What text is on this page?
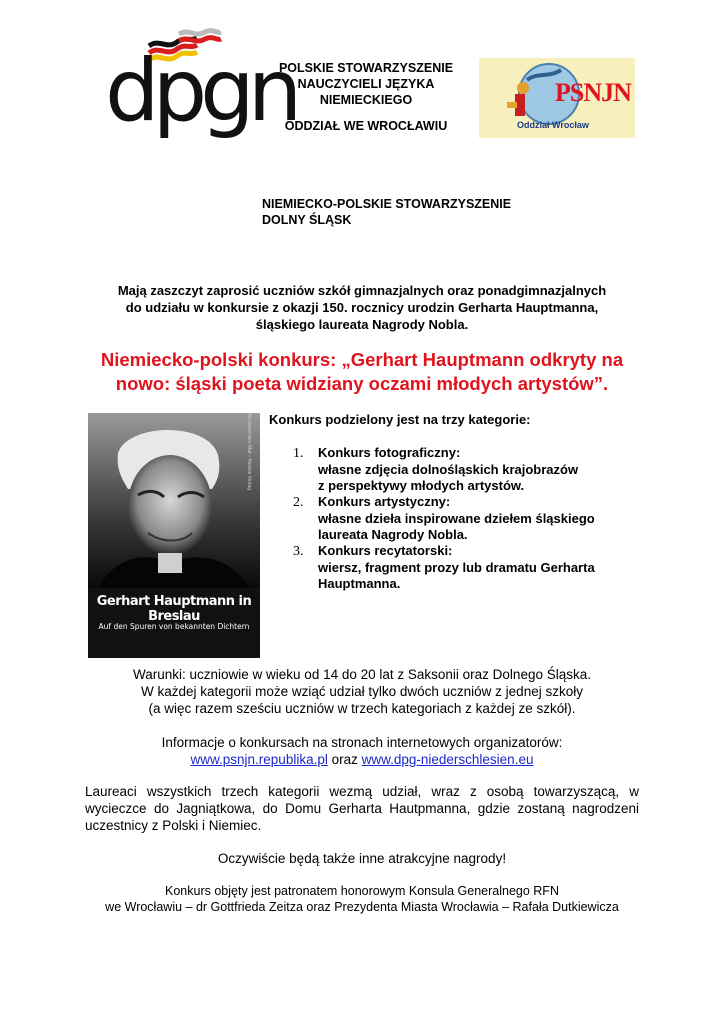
dpgn
POLSKIE STOWARZYSZENIE
NAUCZYCIELI JĘZYKA
NIEMIECKIEGO
ODDZIAŁ WE WROCŁAWIU
PSNJN
Oddział Wrocław
NIEMIECKO-POLSKIE STOWARZYSZENIE
DOLNY ŚLĄSK

Mają zaszczyt zaprosić uczniów szkół gimnazjalnych oraz ponadgimnazjalnych

do udziału w konkursie z okazji 150. rocznicy urodzin Gerharta Hauptmanna,

śląskiego laureata Nagrody Nobla.

Niemiecko-polski konkurs: „Gerhart Hauptmann odkryty na
nowo: śląski poeta widziany oczami młodych artystów”.
Wydawnictwo Atut – Neisse Verlag
Gerhart Hauptmann in Breslau
Auf den Spuren von bekannten Dichtern
Konkurs podzielony jest na trzy kategorie:
1. Konkurs fotograficzny:
własne zdjęcia dolnośląskich krajobrazów
z perspektywy młodych artystów.
2. Konkurs artystyczny:
własne dzieła inspirowane dziełem śląskiego
laureata Nagrody Nobla.
3. Konkurs recytatorski:
wiersz, fragment prozy lub dramatu Gerharta
Hauptmanna.

Warunki: uczniowie w wieku od 14 do 20 lat z Saksonii oraz Dolnego Śląska.

W każdej kategorii może wziąć udział tylko dwóch uczniów z jednej szkoły

(a więc razem sześciu uczniów w trzech kategoriach z każdej ze szkół).

Informacje o konkursach na stronach internetowych organizatorów:

www.psnjn.republika.pl oraz www.dpg-niederschlesien.eu

Laureaci wszystkich trzech kategorii wezmą udział, wraz z osobą towarzyszącą, w wycieczce do Jagniątkowa, do Domu Gerharta Hautpmanna, gdzie zostaną nagrodzeni uczestnicy z Polski i Niemiec.
Oczywiście będą także inne atrakcyjne nagrody!
Konkurs objęty jest patronatem honorowym Konsula Generalnego RFN
we Wrocławiu – dr Gottfrieda Zeitza oraz Prezydenta Miasta Wrocławia – Rafała Dutkiewicza
